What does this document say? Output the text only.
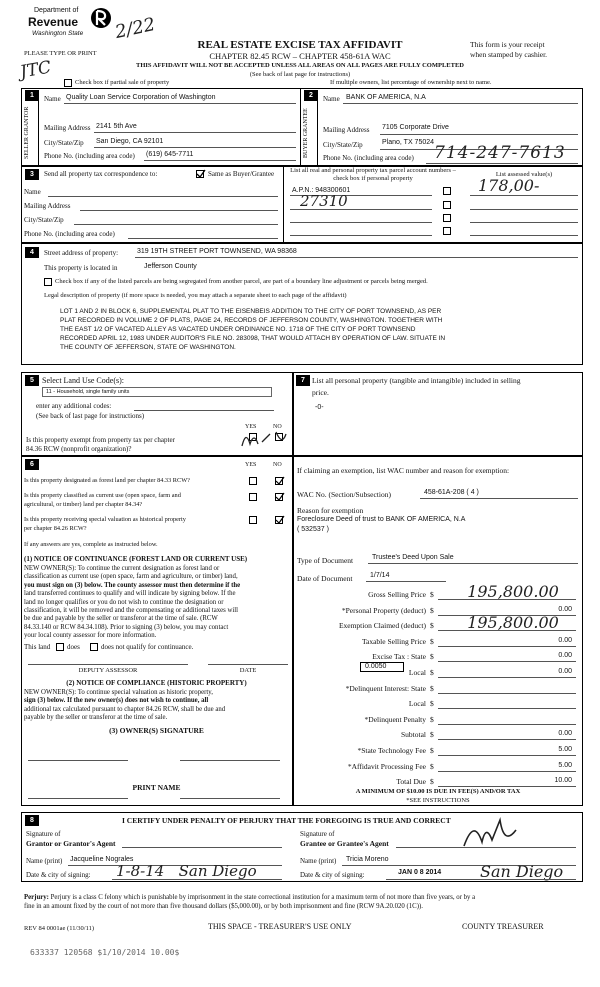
Department of
Revenue
Washington State 2/22
JTC
PLEASE TYPE OR PRINT
REAL ESTATE EXCISE TAX AFFIDAVIT
CHAPTER 82.45 RCW – CHAPTER 458-61A WAC
THIS AFFIDAVIT WILL NOT BE ACCEPTED UNLESS ALL AREAS ON ALL PAGES ARE FULLY COMPLETED
(See back of last page for instructions)
This form is your receipt
when stamped by cashier.
Check box if partial sale of property	If multiple owners, list percentage of ownership next to name.
1	2
SELLER GRANTOR	BUYER GRANTEE
Name Quality Loan Service Corporation of Washington
Mailing Address 2141 5th Ave
City/State/Zip San Diego, CA 92101
Phone No. (including area code) (619) 645-7711
Name BANK OF AMERICA, N.A
Mailing Address 7105 Corporate Drive
City/State/Zip	Plano, TX 75024
Phone No. (including area code) 714-247-7613
3	Send all property tax correspondence to:	Same as Buyer/Grantee
Name
Mailing Address
City/State/Zip
Phone No. (including area code)
List all real and personal property tax parcel account numbers – check box if personal property
List assessed value(s)
A.P.N.: 948300601
27310
178,00-
4	Street address of property:	319 19TH STREET PORT TOWNSEND, WA 98368
This property is located in	Jefferson County
Check box if any of the listed parcels are being segregated from another parcel, are part of a boundary line adjustment or parcels being merged.
Legal description of property (if more space is needed, you may attach a separate sheet to each page of the affidavit)
LOT 1 AND 2 IN BLOCK 6, SUPPLEMENTAL PLAT TO THE EISENBEIS ADDITION TO THE CITY OF PORT TOWNSEND, AS PER
PLAT RECORDED IN VOLUME 2 OF PLATS, PAGE 24, RECORDS OF JEFFERSON COUNTY, WASHINGTON. TOGETHER WITH
THE EAST 1/2 OF VACATED ALLEY AS VACATED UNDER ORDINANCE NO. 1718 OF THE CITY OF PORT TOWNSEND
RECORDED APRIL 12, 1983 UNDER AUDITOR'S FILE NO. 283098, THAT WOULD ATTACH BY OPERATION OF LAW. SITUATE IN
THE COUNTY OF JEFFERSON, STATE OF WASHINGTON.
5	7
Select Land Use Code(s):
11 - Household, single family units
enter any additional codes:
(See back of last page for instructions)
YES	NO
Is this property exempt from property tax per chapter
84.36 RCW (nonprofit organization)?
List all personal property (tangible and intangible) included in selling
price.
-0-
6	YES	NO
Is this property designated as forest land per chapter 84.33 RCW?
Is this property classified as current use (open space, farm and
agricultural, or timber) land per chapter 84.34?
Is this property receiving special valuation as historical property
per chapter 84.26 RCW?
If any answers are yes, complete as instructed below.
(1) NOTICE OF CONTINUANCE (FOREST LAND OR CURRENT USE)
NEW OWNER(S): To continue the current designation as forest land or
classification as current use (open space, farm and agriculture, or timber) land,
you must sign on (3) below. The county assessor must then determine if the
land transferred continues to qualify and will indicate by signing below. If the
land no longer qualifies or you do not wish to continue the designation or
classification, it will be removed and the compensating or additional taxes will
be due and payable by the seller or transferor at the time of sale. (RCW
84.33.140 or RCW 84.34.108). Prior to signing (3) below, you may contact
your local county assessor for more information.
This land does	does not qualify for continuance.
DEPUTY ASSESSOR	DATE
(2) NOTICE OF COMPLIANCE (HISTORIC PROPERTY)
NEW OWNER(S): To continue special valuation as historic property,
sign (3) below. If the new owner(s) does not wish to continue, all
additional tax calculated pursuant to chapter 84.26 RCW, shall be due and
payable by the seller or transferor at the time of sale.
(3) OWNER(S) SIGNATURE
PRINT NAME
If claiming an exemption, list WAC number and reason for exemption:
WAC No. (Section/Subsection)	458-61A-208 ( 4 )
Reason for exemption
Foreclosure Deed of trust to BANK OF AMERICA, N.A
( 532537 )
Type of Document	Trustee's Deed Upon Sale
Date of Document	1/7/14
Gross Selling Price $	195,800.00
*Personal Property (deduct) $	0.00
Exemption Claimed (deduct) $	195,800.00
Taxable Selling Price $	0.00
Excise Tax : State $	0.00
Local $	0.00
*Delinquent Interest: State $
Local $
*Delinquent Penalty $
Subtotal $	0.00
*State Technology Fee $	5.00
*Affidavit Processing Fee $	5.00
Total Due $	10.00
0.0050
A MINIMUM OF $10.00 IS DUE IN FEE(S) AND/OR TAX
*SEE INSTRUCTIONS
8	I CERTIFY UNDER PENALTY OF PERJURY THAT THE FOREGOING IS TRUE AND CORRECT
Signature of
Grantor or Grantor's Agent
Name (print) Jacqueline Nograles
Date & city of signing: 1-8-14   San Diego
Signature of
Grantee or Grantee's Agent
Name (print) Tricia Moreno
Date & city of signing:	JAN 0 8 2014 San Diego
Perjury: Perjury is a class C felony which is punishable by imprisonment in the state correctional institution for a maximum term of not more than five years, or by a
fine in an amount fixed by the court of not more than five thousand dollars ($5,000.00), or by both imprisonment and fine (RCW 9A.20.020 (1C)).
REV 84 0001ae (11/30/11)	THIS SPACE - TREASURER'S USE ONLY	COUNTY TREASURER
633337 120568 $1/10/2014 10.00$
